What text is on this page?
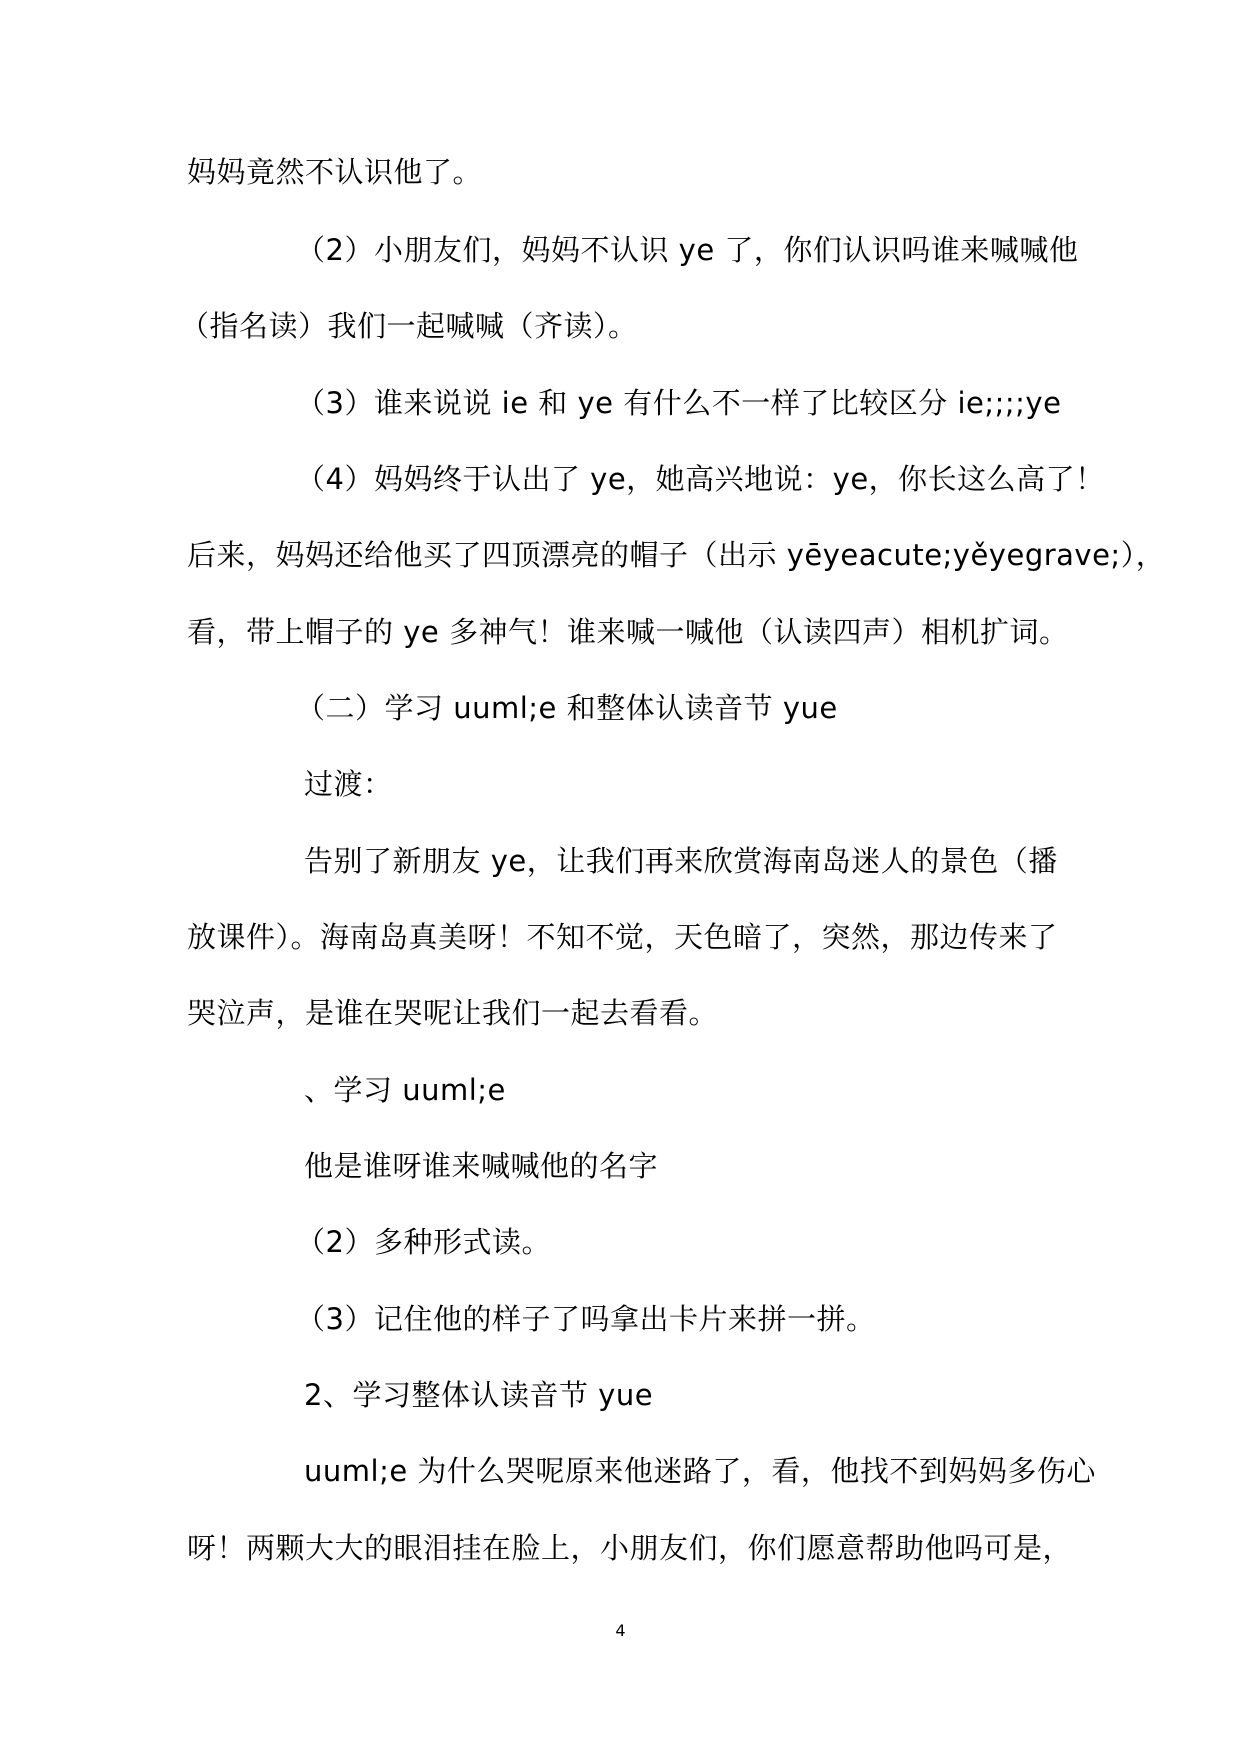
妈妈竟然不认识他了。
（2）小朋友们，妈妈不认识 ye 了，你们认识吗谁来喊喊他
（指名读）我们一起喊喊（齐读）。
（3）谁来说说 ie 和 ye 有什么不一样了比较区分 ie;;;;ye
（4）妈妈终于认出了 ye，她高兴地说：ye，你长这么高了！
后来，妈妈还给他买了四顶漂亮的帽子（出示 yēyeacute;yěyegrave;），
看，带上帽子的 ye 多神气！谁来喊一喊他（认读四声）相机扩词。
（二）学习 uuml;e 和整体认读音节 yue
过渡：
告别了新朋友 ye，让我们再来欣赏海南岛迷人的景色（播
放课件）。海南岛真美呀！不知不觉，天色暗了，突然，那边传来了
哭泣声，是谁在哭呢让我们一起去看看。
、学习 uuml;e
他是谁呀谁来喊喊他的名字
（2）多种形式读。
（3）记住他的样子了吗拿出卡片来拼一拼。
2、学习整体认读音节 yue
uuml;e 为什么哭呢原来他迷路了，看，他找不到妈妈多伤心
呀！两颗大大的眼泪挂在脸上，小朋友们，你们愿意帮助他吗可是，
4
